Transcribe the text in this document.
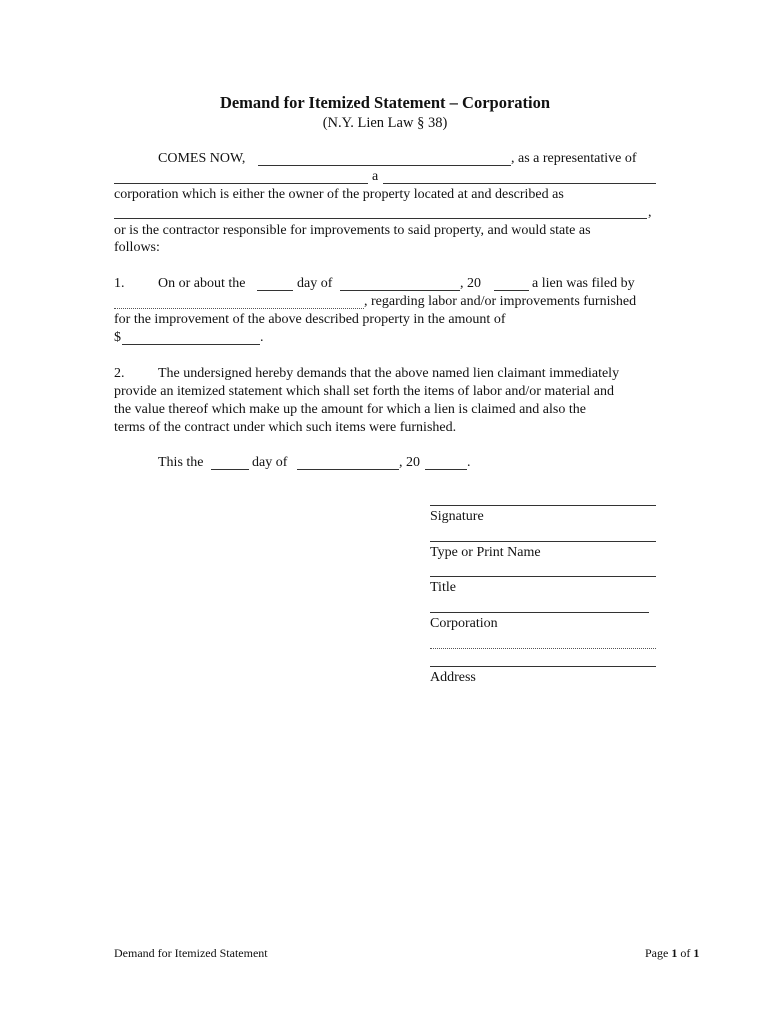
Demand for Itemized Statement – Corporation
(N.Y. Lien Law § 38)
COMES NOW,	, as a representative of
a
corporation which is either the owner of the property located at and described as
,
or is the contractor responsible for improvements to said property, and would state as
follows:
1. On or about the	day of	, 20	a lien was filed by
, regarding labor and/or improvements furnished
for the improvement of the above described property in the amount of
$	.
2. The undersigned hereby demands that the above named lien claimant immediately
provide an itemized statement which shall set forth the items of labor and/or material and
the value thereof which make up the amount for which a lien is claimed and also the
terms of the contract under which such items were furnished.
This the	day of	, 20	.
Signature
Type or Print Name
Title
Corporation
Address
Demand for Itemized Statement	Page 1 of 1
